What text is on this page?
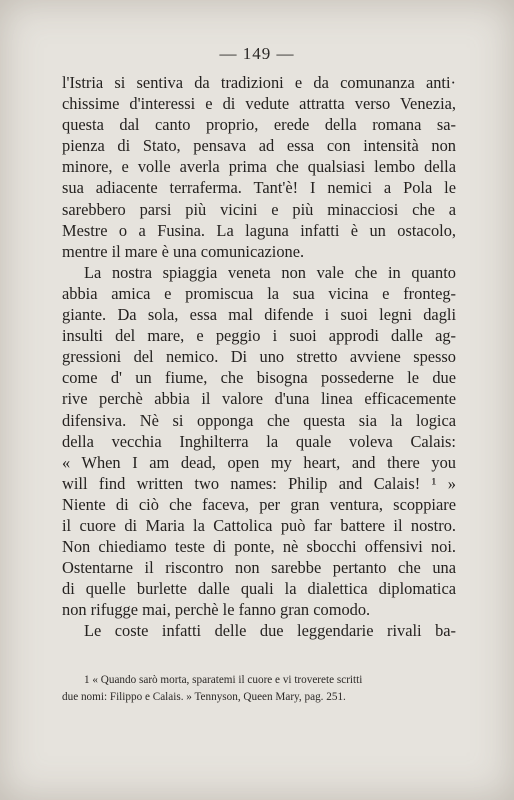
— 149 —
l'Istria si sentiva da tradizioni e da comunanza anti·
chissime d'interessi e di vedute attratta verso Venezia,
questa dal canto proprio, erede della romana sa-
pienza di Stato, pensava ad essa con intensità non
minore, e volle averla prima che qualsiasi lembo della
sua adiacente terraferma. Tant'è! I nemici a Pola le
sarebbero parsi più vicini e più minacciosi che a
Mestre o a Fusina. La laguna infatti è un ostacolo,
mentre il mare è una comunicazione.
La nostra spiaggia veneta non vale che in quanto
abbia amica e promiscua la sua vicina e fronteg-
giante. Da sola, essa mal difende i suoi legni dagli
insulti del mare, e peggio i suoi approdi dalle ag-
gressioni del nemico. Di uno stretto avviene spesso
come d' un fiume, che bisogna possederne le due
rive perchè abbia il valore d'una linea efficacemente
difensiva. Nè si opponga che questa sia la logica
della vecchia Inghilterra la quale voleva Calais:
« When I am dead, open my heart, and there you
will find written two names: Philip and Calais! ¹ »
Niente di ciò che faceva, per gran ventura, scoppiare
il cuore di Maria la Cattolica può far battere il nostro.
Non chiediamo teste di ponte, nè sbocchi offensivi noi.
Ostentarne il riscontro non sarebbe pertanto che una
di quelle burlette dalle quali la dialettica diplomatica
non rifugge mai, perchè le fanno gran comodo.
Le coste infatti delle due leggendarie rivali ba-
1 « Quando sarò morta, sparatemi il cuore e vi troverete scritti
due nomi: Filippo e Calais. » Tennyson, Queen Mary, pag. 251.
